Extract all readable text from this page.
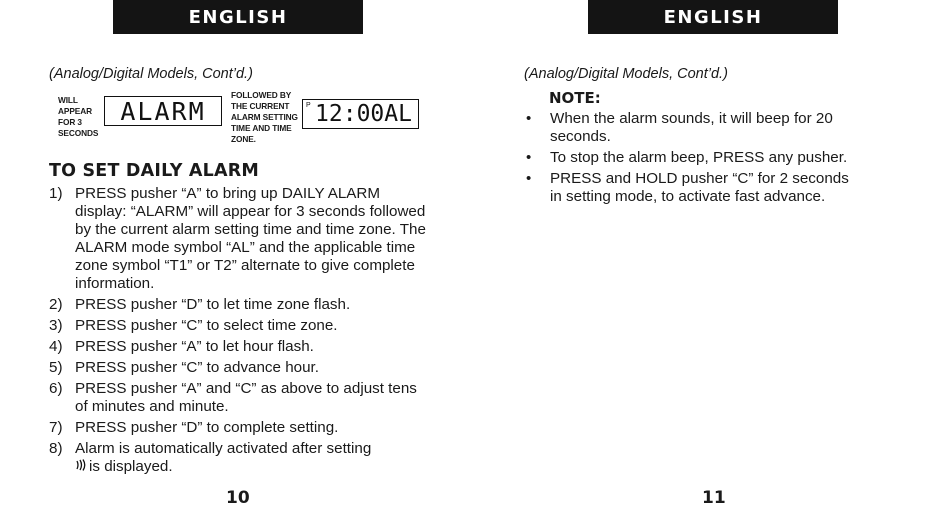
ENGLISH
(Analog/Digital Models, Cont’d.)
WILL
APPEAR
FOR 3
SECONDS
ALARM
FOLLOWED BY
THE CURRENT
ALARM SETTING
TIME AND TIME
ZONE.
P 12:00AL
TO SET DAILY ALARM
1) PRESS pusher “A” to bring up DAILY ALARM display: “ALARM” will appear for 3 seconds followed by the current alarm setting time and time zone. The ALARM mode symbol “AL” and the applicable time zone symbol “T1” or T2” alternate to give complete information.
2) PRESS pusher “D” to let time zone flash.
3) PRESS pusher “C” to select time zone.
4) PRESS pusher “A” to let hour flash.
5) PRESS pusher “C” to advance hour.
6) PRESS pusher “A” and “C” as above to adjust tens of minutes and minute.
7) PRESS pusher “D” to complete setting.
8) Alarm is automatically activated after setting
is displayed.
10
ENGLISH
(Analog/Digital Models, Cont’d.)
NOTE:
• When the alarm sounds, it will beep for 20 seconds.
• To stop the alarm beep, PRESS any pusher.
• PRESS and HOLD pusher “C” for 2 seconds in setting mode, to activate fast advance.
11
